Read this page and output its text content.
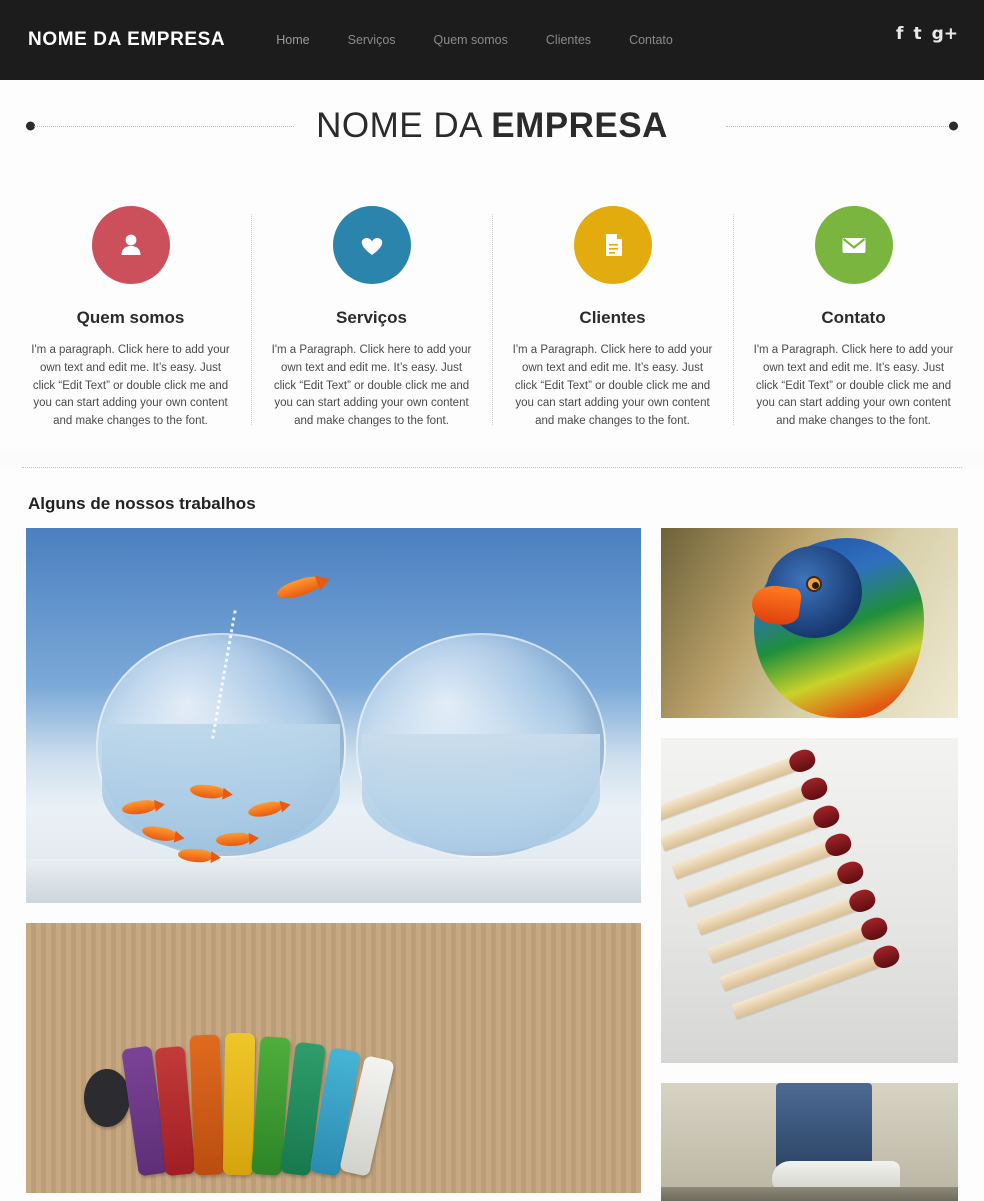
NOME DA EMPRESA	Home	Serviços	Quem somos	Clientes	Contato	f t g+
NOME DA EMPRESA
Quem somos

I'm a paragraph. Click here to add your own text and edit me. It’s easy. Just click “Edit Text” or double click me and you can start adding your own content and make changes to the font.

Serviços

I'm a Paragraph. Click here to add your own text and edit me. It’s easy. Just click “Edit Text” or double click me and you can start adding your own content and make changes to the font.

Clientes

I'm a Paragraph. Click here to add your own text and edit me. It’s easy. Just click “Edit Text” or double click me and you can start adding your own content and make changes to the font.

Contato

I'm a Paragraph. Click here to add your own text and edit me. It’s easy. Just click “Edit Text” or double click me and you can start adding your own content and make changes to the font.

Alguns de nossos trabalhos
